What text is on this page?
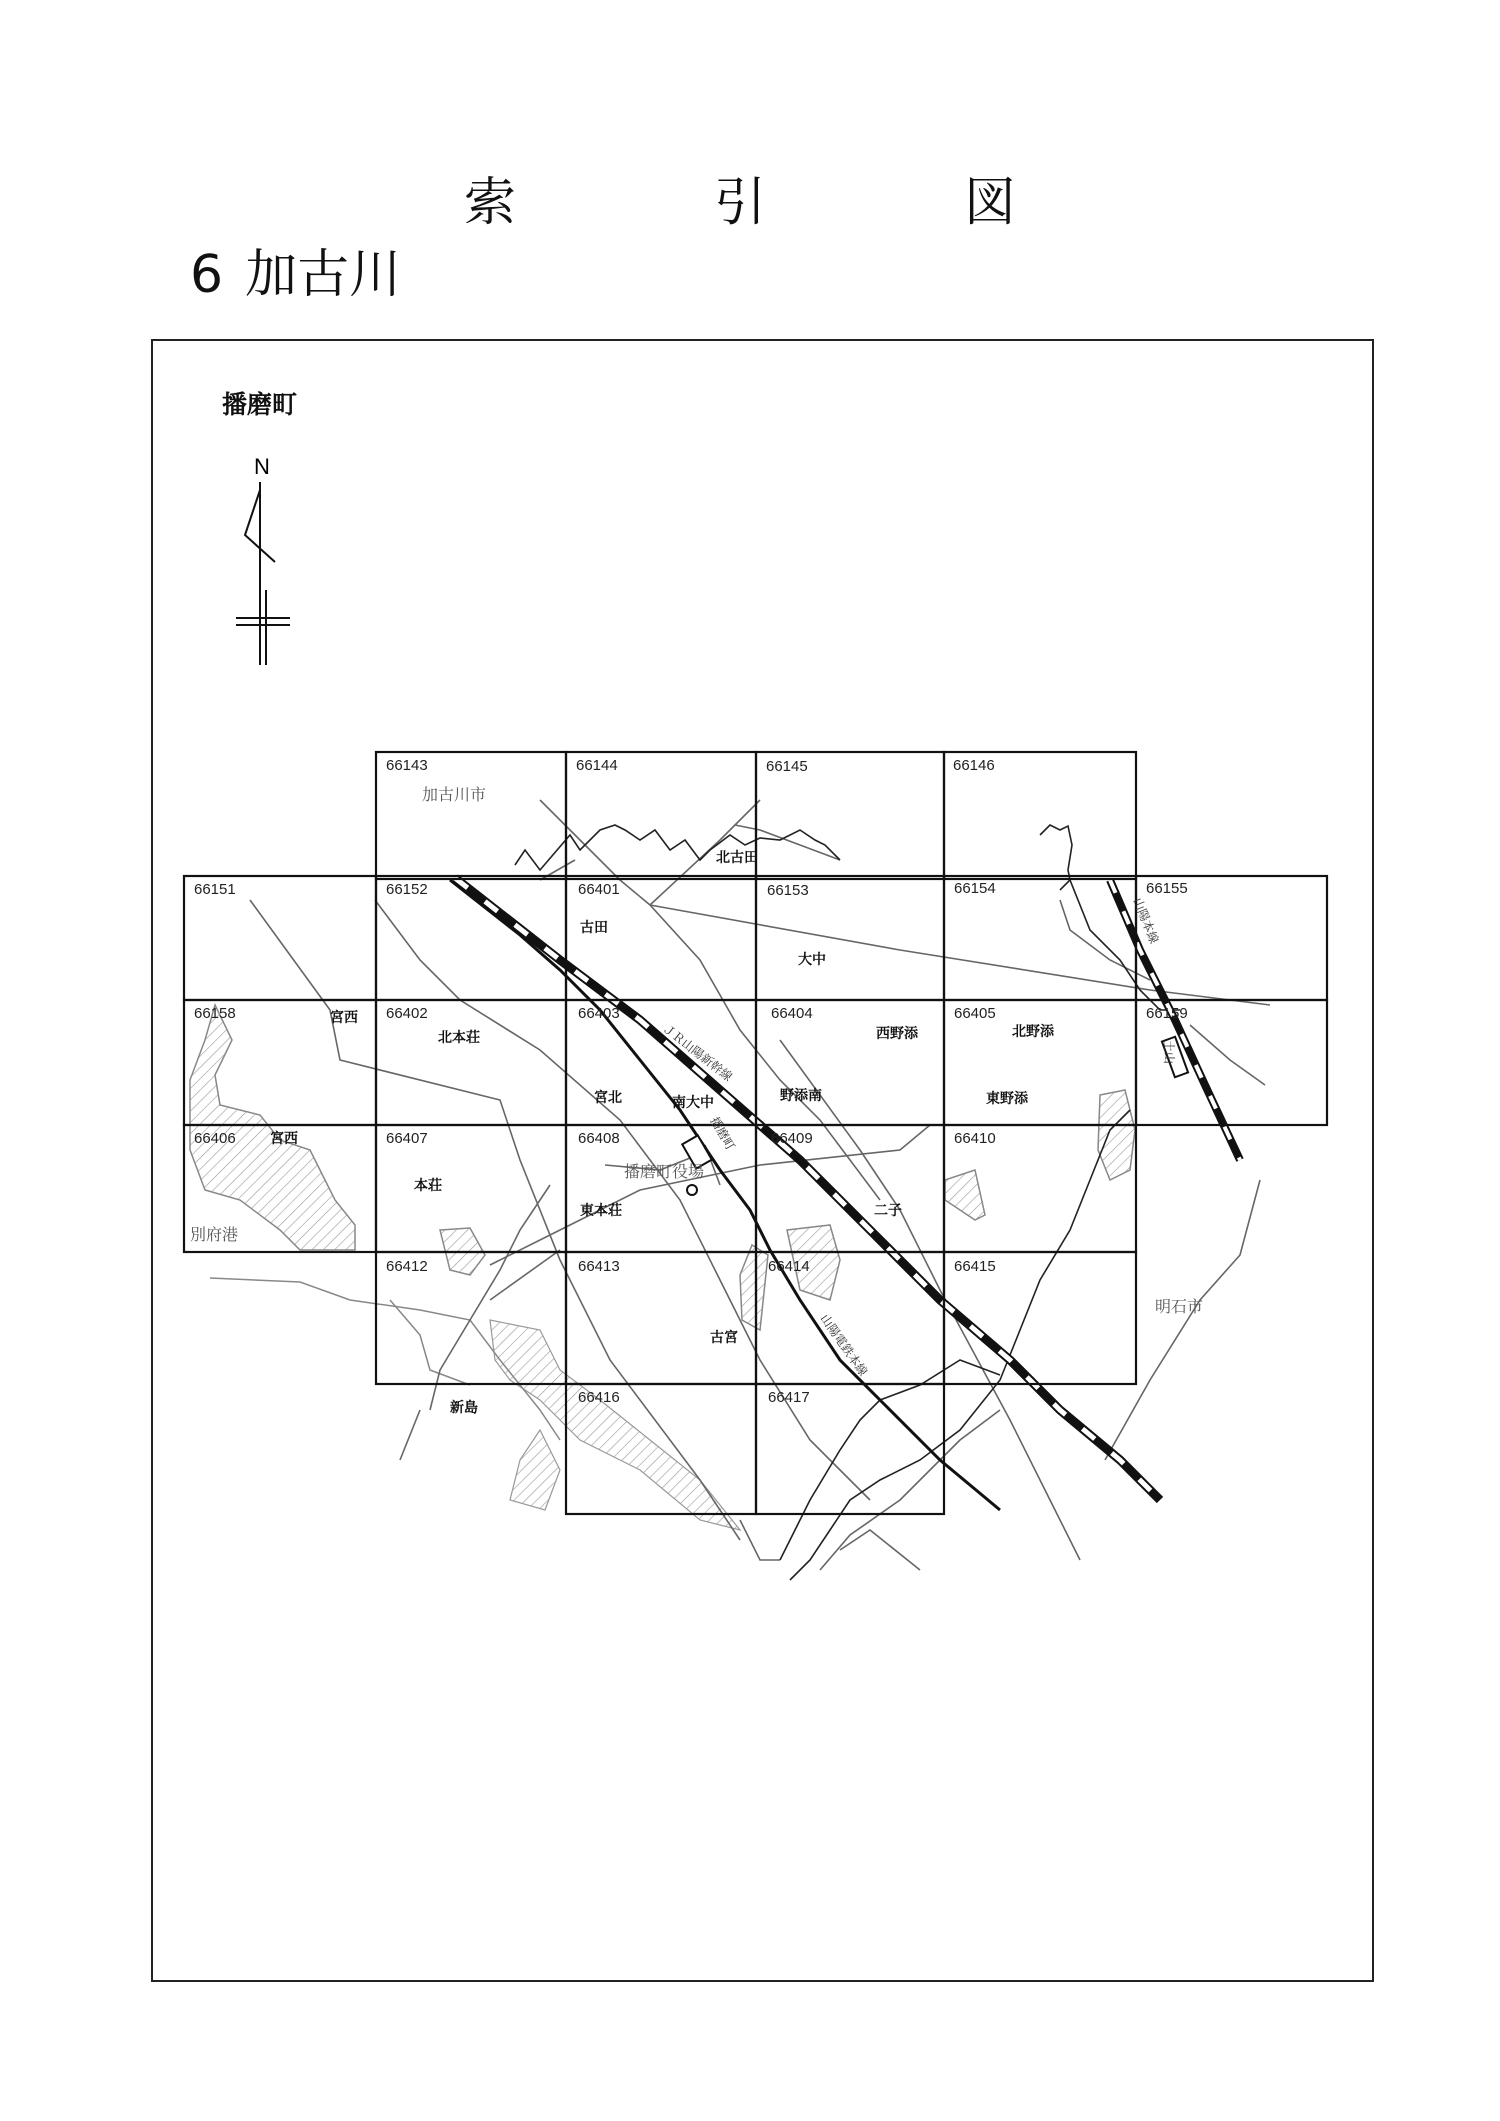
索	引	図
6 加古川
播磨町
N
66143	66144	66145	66146
66151	66152	66401	66153	66154	66155
66158	66402	66403	66404	66405	66159
66406	66407	66408	66409	66410
66412	66413	66414	66415
66416	66417
加古川市
北古田
古田
大中
宮西
北本荘	西野添	北野添
宮北	南大中	野添南	東野添
宮西
本荘
播磨町役場
東本荘	二子
別府港
明石市
古宮
新島
播磨町
土山
ＪＲ山陽新幹線
山陽電鉄本線
山陽本線
